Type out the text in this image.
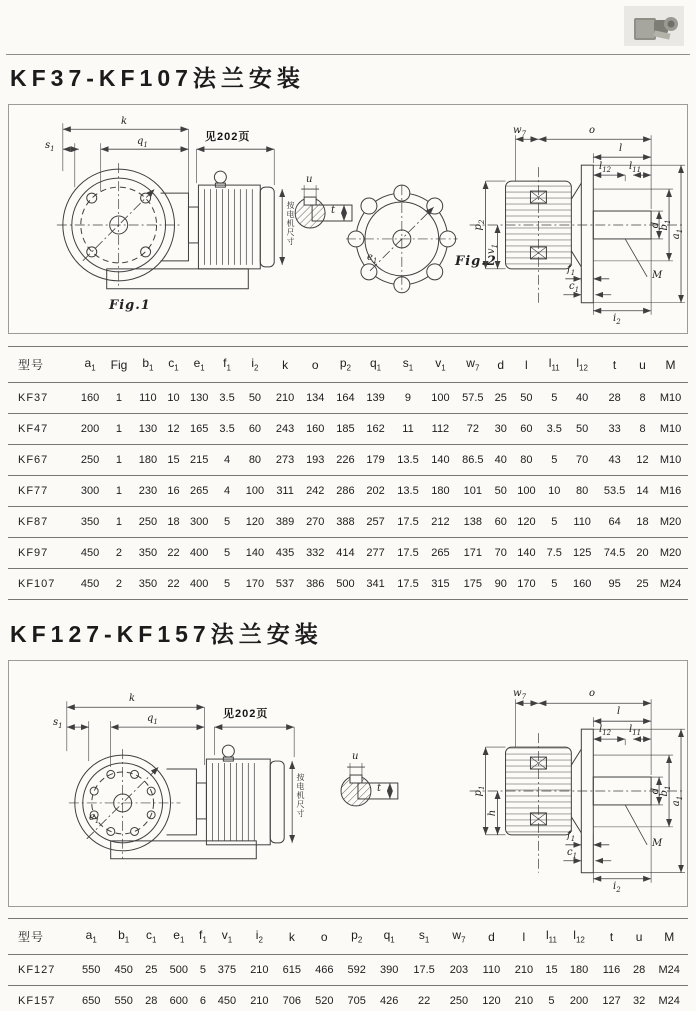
KF37-KF107法兰安装
k
$s_1$
$q_1$
见202页
按电机尺寸
Fig.1
u
t
$e_1$	Fig.2
$w_7$	o
l
$l_{12}$ $l_{11}$
$p_2$
$v_1$
d
$b_1$
$a_1$
M
$f_1$
$c_1$
$i_2$
型号	$a_1$	Fig	$b_1$	$c_1$	$e_1$	$f_1$	$i_2$	k	o	$p_2$	$q_1$	$s_1$	$v_1$	$w_7$	d	l	$l_{11}$	$l_{12}$	t	u	M
KF37	160	1	110	10	130	3.5	50	210	134	164	139	9	100	57.5	25	50	5	40	28	8	M10
KF47	200	1	130	12	165	3.5	60	243	160	185	162	11	112	72	30	60	3.5	50	33	8	M10
KF67	250	1	180	15	215	4	80	273	193	226	179	13.5	140	86.5	40	80	5	70	43	12	M10
KF77	300	1	230	16	265	4	100	311	242	286	202	13.5	180	101	50	100	10	80	53.5	14	M16
KF87	350	1	250	18	300	5	120	389	270	388	257	17.5	212	138	60	120	5	110	64	18	M20
KF97	450	2	350	22	400	5	140	435	332	414	277	17.5	265	171	70	140	7.5	125	74.5	20	M20
KF107	450	2	350	22	400	5	170	537	386	500	341	17.5	315	175	90	170	5	160	95	25	M24
KF127-KF157法兰安装
k
$s_1$
$q_1$
见202页
按电机尺寸
$e_1$
u
t
$w_7$	o
l
$l_{12}$ $l_{11}$
$p_1$
h
d
$b_1$
$a_1$
M
$f_1$
$c_1$
$i_2$
型号	$a_1$	$b_1$	$c_1$	$e_1$	$f_1$	$v_1$	$i_2$	k	o	$p_2$	$q_1$	$s_1$	$w_7$	d	l	$l_{11}$	$l_{12}$	t	u	M
KF127	550	450	25	500	5	375	210	615	466	592	390	17.5	203	110	210	15	180	116	28	M24
KF157	650	550	28	600	6	450	210	706	520	705	426	22	250	120	210	5	200	127	32	M24
